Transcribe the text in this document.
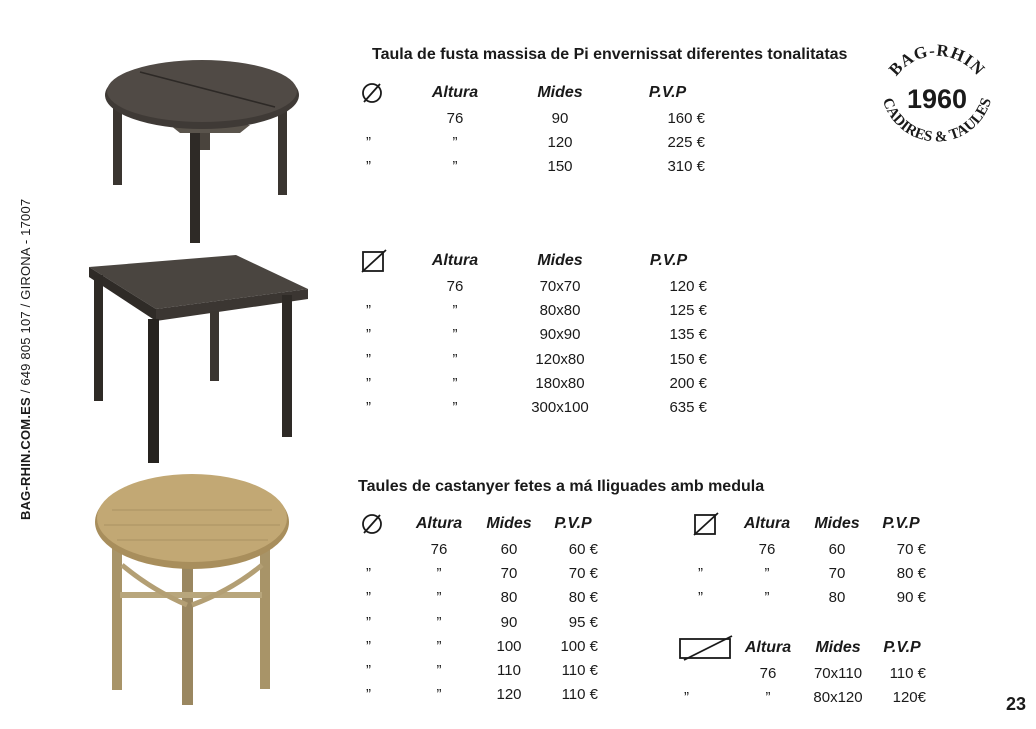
BAG-RHIN.COM.ES / 649 805 107 / GIRONA - 17007
BAG-RHIN
1960
CADIRES & TAULES
Taula de fusta massisa de Pi envernissat diferentes tonalitatas
	Altura	Mides	P.V.P
	76	90	160 €
”	”	120	225 €
”	”	150	310 €
	Altura	Mides	P.V.P
	76	70x70	120 €
”	”	80x80	125 €
”	”	90x90	135 €
”	”	120x80	150 €
”	”	180x80	200 €
”	”	300x100	635 €
Taules de castanyer fetes a má Iliguades amb medula
	Altura	Mides	P.V.P
	76	60	60 €
”	”	70	70 €
”	”	80	80 €
”	”	90	95 €
”	”	100	100 €
”	”	110	110 €
”	”	120	110 €
	Altura	Mides	P.V.P
	76	60	70 €
”	”	70	80 €
”	”	80	90 €
	Altura	Mides	P.V.P
	76	70x110	110 €
”	”	80x120	120€	23
